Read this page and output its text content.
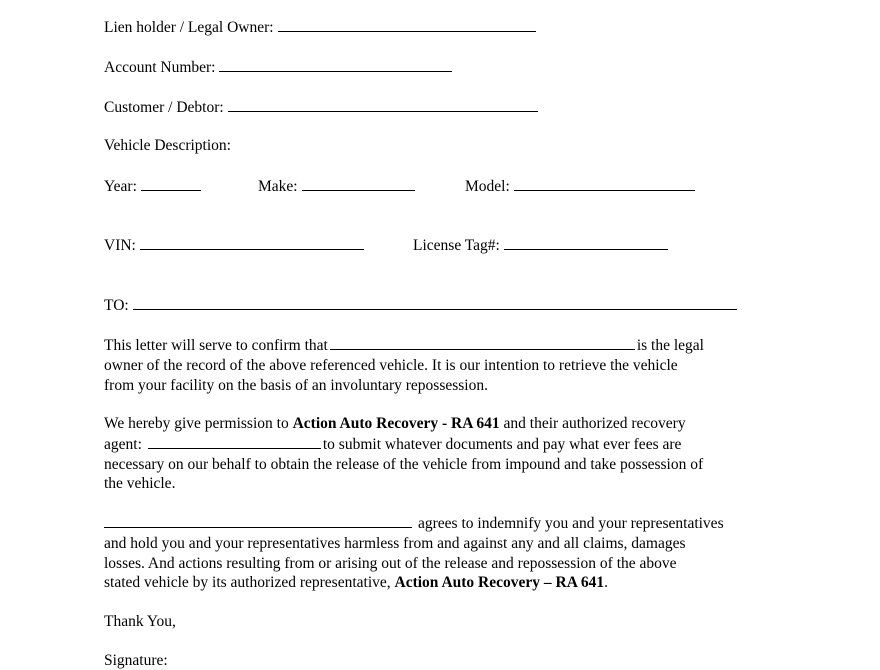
Lien holder / Legal Owner:
Account Number:
Customer / Debtor:
Vehicle Description:
Year:	Make:	Model:
VIN:	License Tag#:
TO:
This letter will serve to confirm that	is the legal
owner of the record of the above referenced vehicle. It is our intention to retrieve the vehicle
from your facility on the basis of an involuntary repossession.
We hereby give permission to Action Auto Recovery - RA 641 and their authorized recovery
agent:	to submit whatever documents and pay what ever fees are
necessary on our behalf to obtain the release of the vehicle from impound and take possession of
the vehicle.
agrees to indemnify you and your representatives
and hold you and your representatives harmless from and against any and all claims, damages
losses. And actions resulting from or arising out of the release and repossession of the above
stated vehicle by its authorized representative, Action Auto Recovery – RA 641.
Thank You,
Signature:
